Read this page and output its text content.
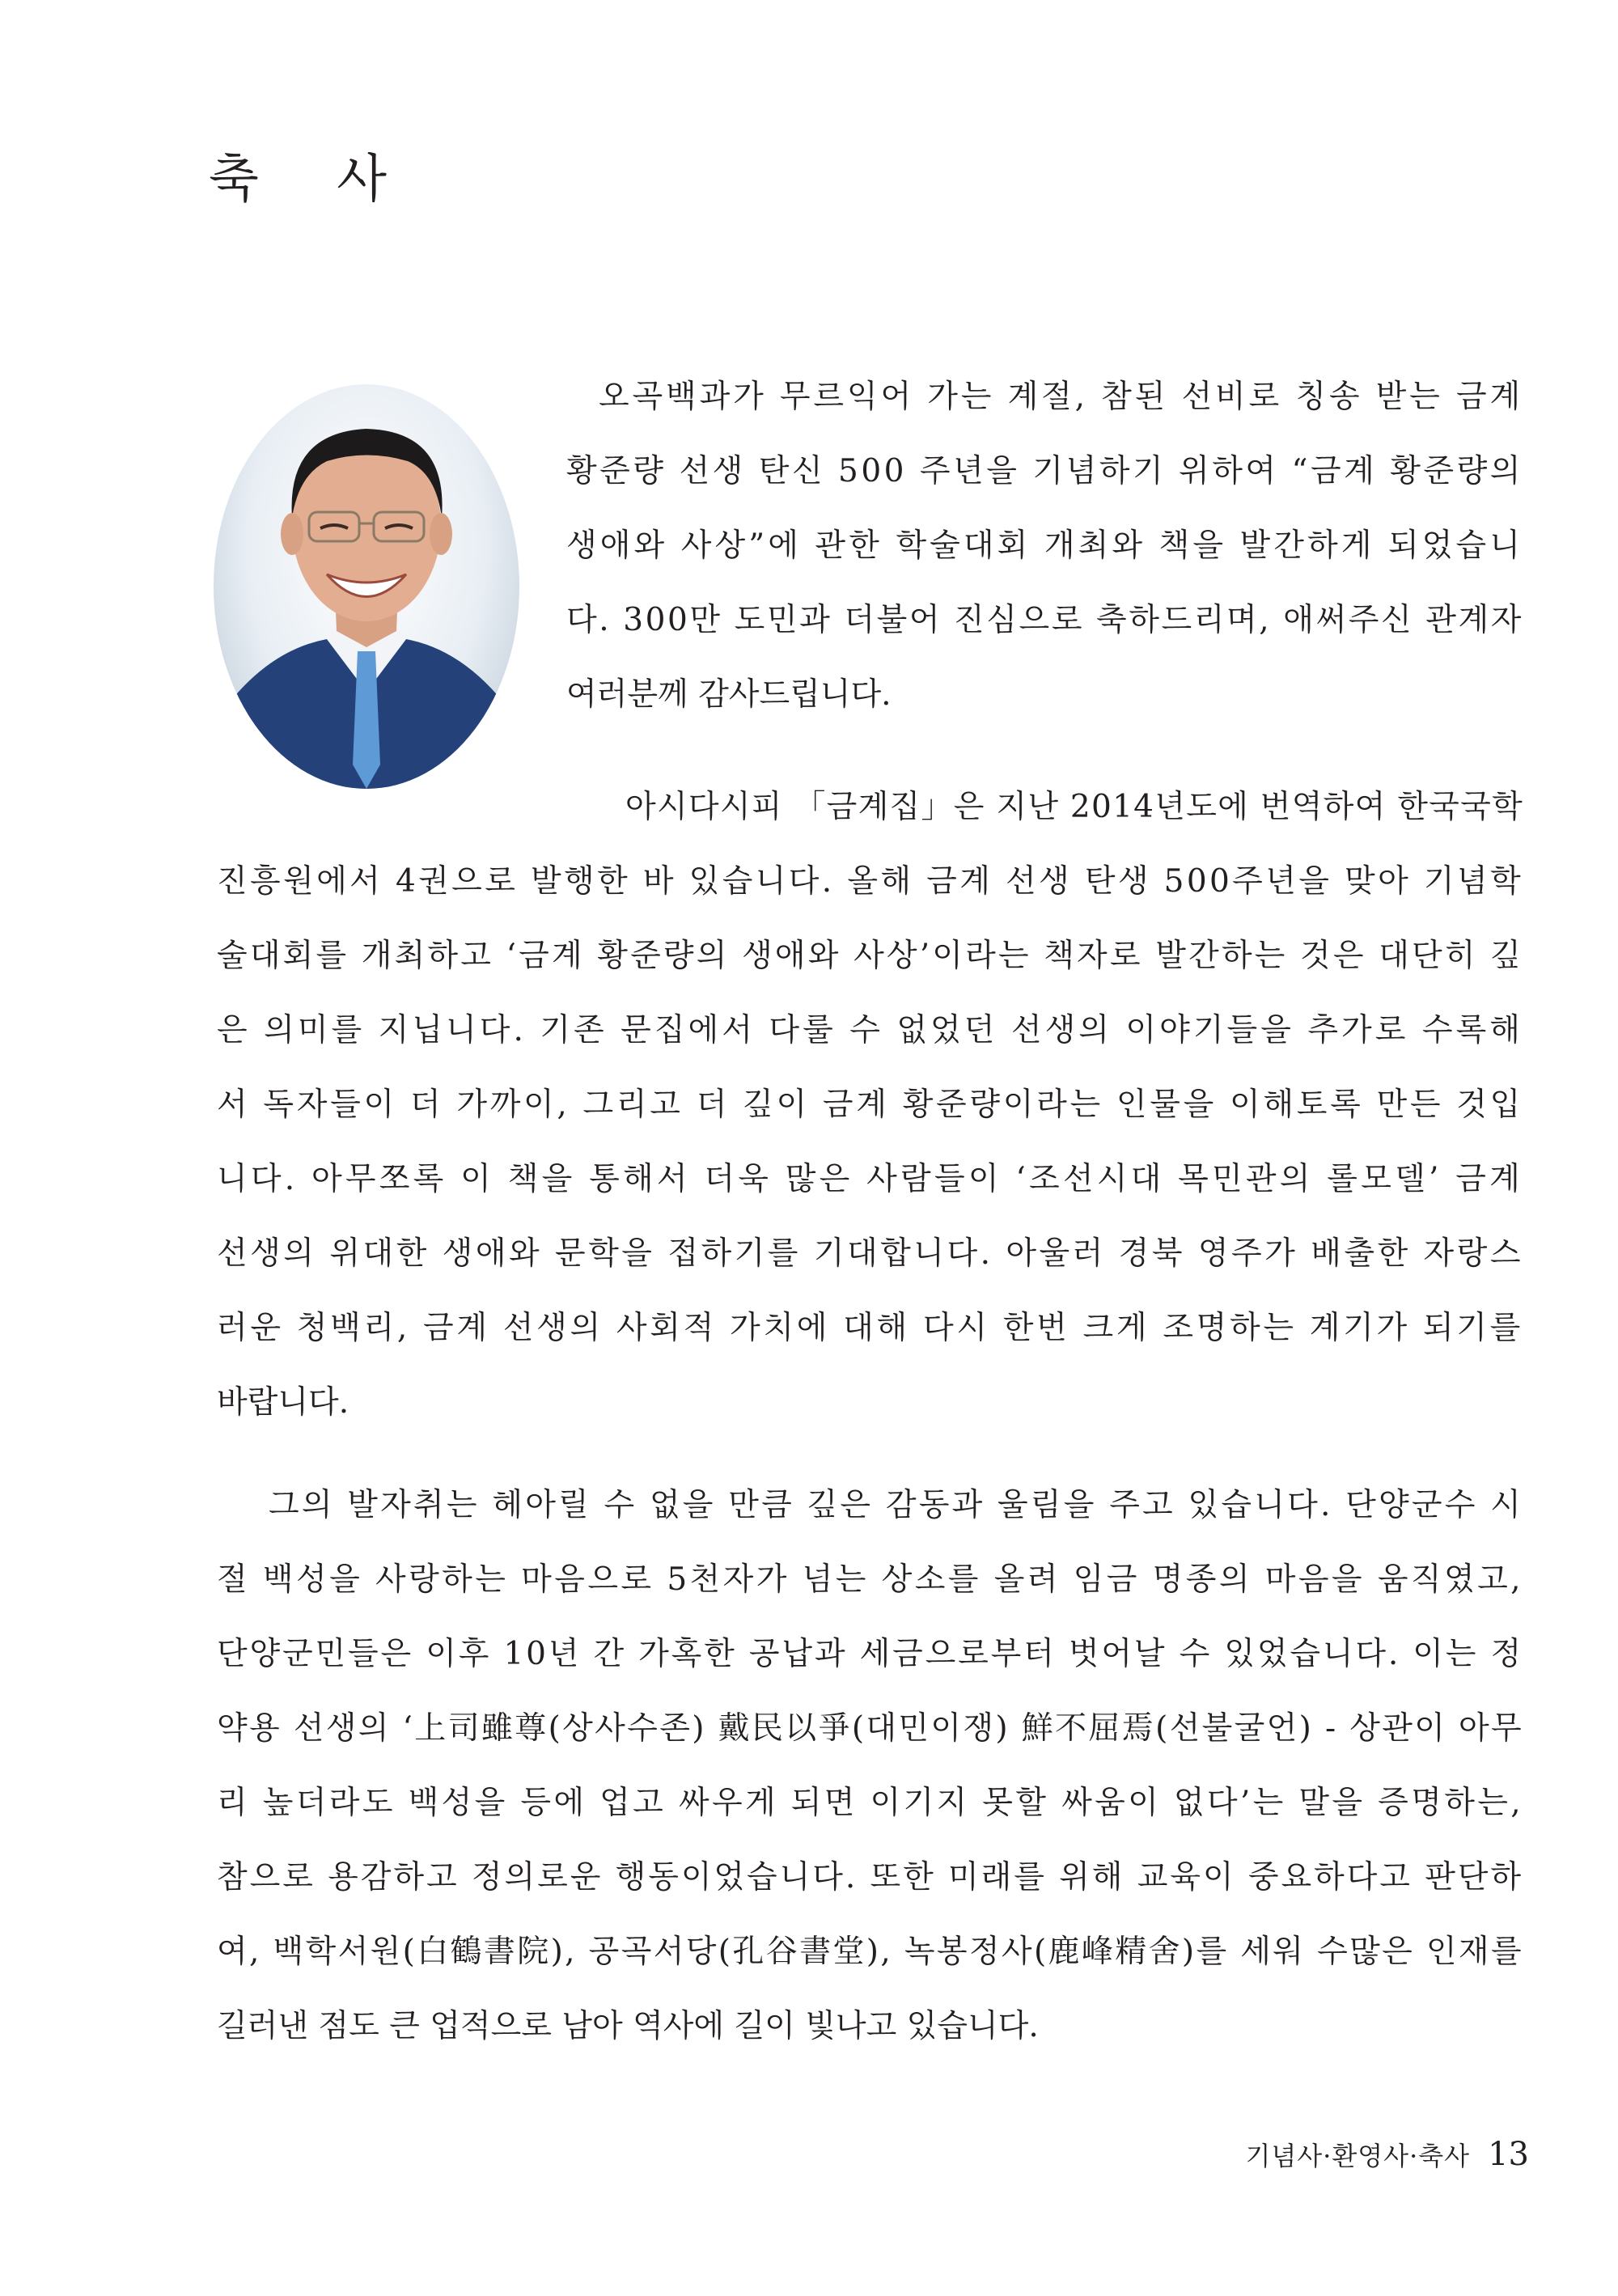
축 사
오곡백과가 무르익어 가는 계절, 참된 선비로 칭송 받는 금계
황준량 선생 탄신 500 주년을 기념하기 위하여 “금계 황준량의
생애와 사상”에 관한 학술대회 개최와 책을 발간하게 되었습니
다. 300만 도민과 더불어 진심으로 축하드리며, 애써주신 관계자
여러분께 감사드립니다.
아시다시피 「금계집」은 지난 2014년도에 번역하여 한국국학
진흥원에서 4권으로 발행한 바 있습니다. 올해 금계 선생 탄생 500주년을 맞아 기념학
술대회를 개최하고 ‘금계 황준량의 생애와 사상’이라는 책자로 발간하는 것은 대단히 깊
은 의미를 지닙니다. 기존 문집에서 다룰 수 없었던 선생의 이야기들을 추가로 수록해
서 독자들이 더 가까이, 그리고 더 깊이 금계 황준량이라는 인물을 이해토록 만든 것입
니다. 아무쪼록 이 책을 통해서 더욱 많은 사람들이 ‘조선시대 목민관의 롤모델’ 금계
선생의 위대한 생애와 문학을 접하기를 기대합니다. 아울러 경북 영주가 배출한 자랑스
러운 청백리, 금계 선생의 사회적 가치에 대해 다시 한번 크게 조명하는 계기가 되기를
바랍니다.
그의 발자취는 헤아릴 수 없을 만큼 깊은 감동과 울림을 주고 있습니다. 단양군수 시
절 백성을 사랑하는 마음으로 5천자가 넘는 상소를 올려 임금 명종의 마음을 움직였고,
단양군민들은 이후 10년 간 가혹한 공납과 세금으로부터 벗어날 수 있었습니다. 이는 정
약용 선생의 ‘上司雖尊(상사수존) 戴民以爭(대민이쟁) 鮮不屈焉(선불굴언) - 상관이 아무
리 높더라도 백성을 등에 업고 싸우게 되면 이기지 못할 싸움이 없다’는 말을 증명하는,
참으로 용감하고 정의로운 행동이었습니다. 또한 미래를 위해 교육이 중요하다고 판단하
여, 백학서원(白鶴書院), 공곡서당(孔谷書堂), 녹봉정사(鹿峰精舍)를 세워 수많은 인재를
길러낸 점도 큰 업적으로 남아 역사에 길이 빛나고 있습니다.
기념사·환영사·축사 13
